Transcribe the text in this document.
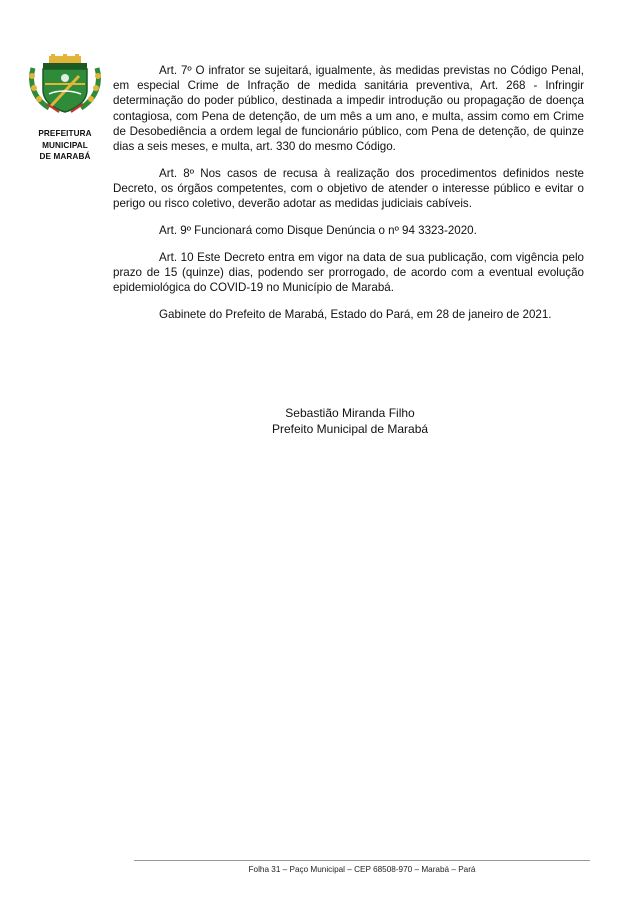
PREFEITURA
MUNICIPAL
DE MARABÁ

Art. 7º O infrator se sujeitará, igualmente, às medidas previstas no Código Penal, em especial Crime de Infração de medida sanitária preventiva, Art. 268 - Infringir determinação do poder público, destinada a impedir introdução ou propagação de doença contagiosa, com Pena de detenção, de um mês a um ano, e multa, assim como em Crime de Desobediência a ordem legal de funcionário público, com Pena de detenção, de quinze dias a seis meses, e multa, art. 330 do mesmo Código.

Art. 8º Nos casos de recusa à realização dos procedimentos definidos neste Decreto, os órgãos competentes, com o objetivo de atender o interesse público e evitar o perigo ou risco coletivo, deverão adotar as medidas judiciais cabíveis.

Art. 9º Funcionará como Disque Denúncia o nº 94 3323-2020.

Art. 10 Este Decreto entra em vigor na data de sua publicação, com vigência pelo prazo de 15 (quinze) dias, podendo ser prorrogado, de acordo com a eventual evolução epidemiológica do COVID-19 no Município de Marabá.

Gabinete do Prefeito de Marabá, Estado do Pará, em 28 de janeiro de 2021.

Sebastião Miranda Filho
Prefeito Municipal de Marabá
Folha 31 – Paço Municipal – CEP 68508-970 – Marabá – Pará
